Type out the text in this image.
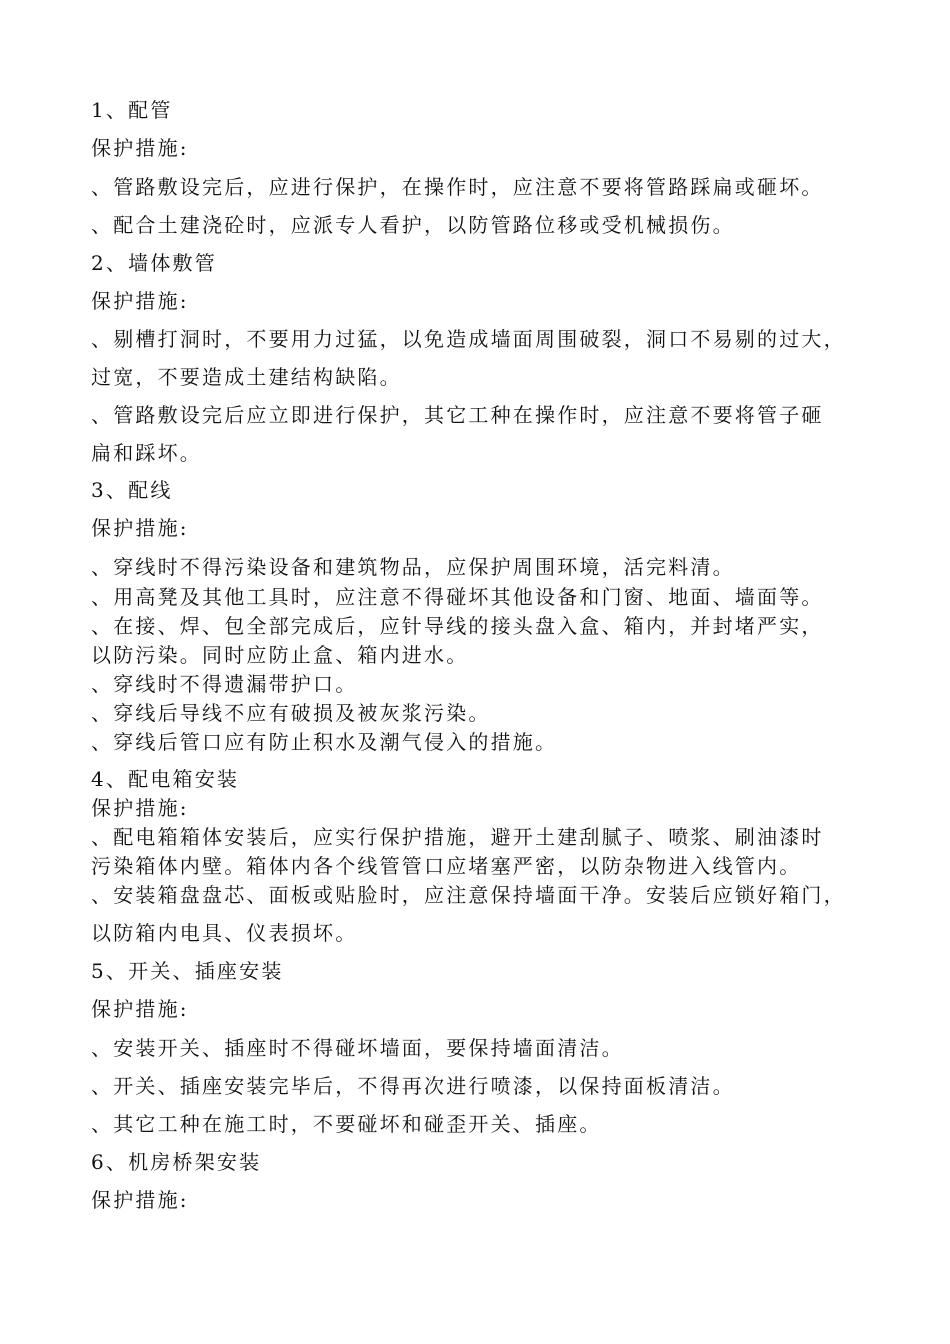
1、配管
保护措施:
、管路敷设完后，应进行保护，在操作时，应注意不要将管路踩扁或砸坏。
、配合土建浇砼时，应派专人看护，以防管路位移或受机械损伤。
2、墙体敷管
保护措施:
、剔槽打洞时，不要用力过猛，以免造成墙面周围破裂，洞口不易剔的过大，
过宽，不要造成土建结构缺陷。
、管路敷设完后应立即进行保护，其它工种在操作时，应注意不要将管子砸
扁和踩坏。
3、配线
保护措施:
、穿线时不得污染设备和建筑物品，应保护周围环境，活完料清。
、用高凳及其他工具时，应注意不得碰坏其他设备和门窗、地面、墙面等。
、在接、焊、包全部完成后，应针导线的接头盘入盒、箱内，并封堵严实，
以防污染。同时应防止盒、箱内进水。
、穿线时不得遗漏带护口。
、穿线后导线不应有破损及被灰浆污染。
、穿线后管口应有防止积水及潮气侵入的措施。
4、配电箱安装
保护措施:
、配电箱箱体安装后，应实行保护措施，避开土建刮腻子、喷浆、刷油漆时
污染箱体内壁。箱体内各个线管管口应堵塞严密，以防杂物进入线管内。
、安装箱盘盘芯、面板或贴脸时，应注意保持墙面干净。安装后应锁好箱门，
以防箱内电具、仪表损坏。
5、开关、插座安装
保护措施:
、安装开关、插座时不得碰坏墙面，要保持墙面清洁。
、开关、插座安装完毕后，不得再次进行喷漆，以保持面板清洁。
、其它工种在施工时，不要碰坏和碰歪开关、插座。
6、机房桥架安装
保护措施:
